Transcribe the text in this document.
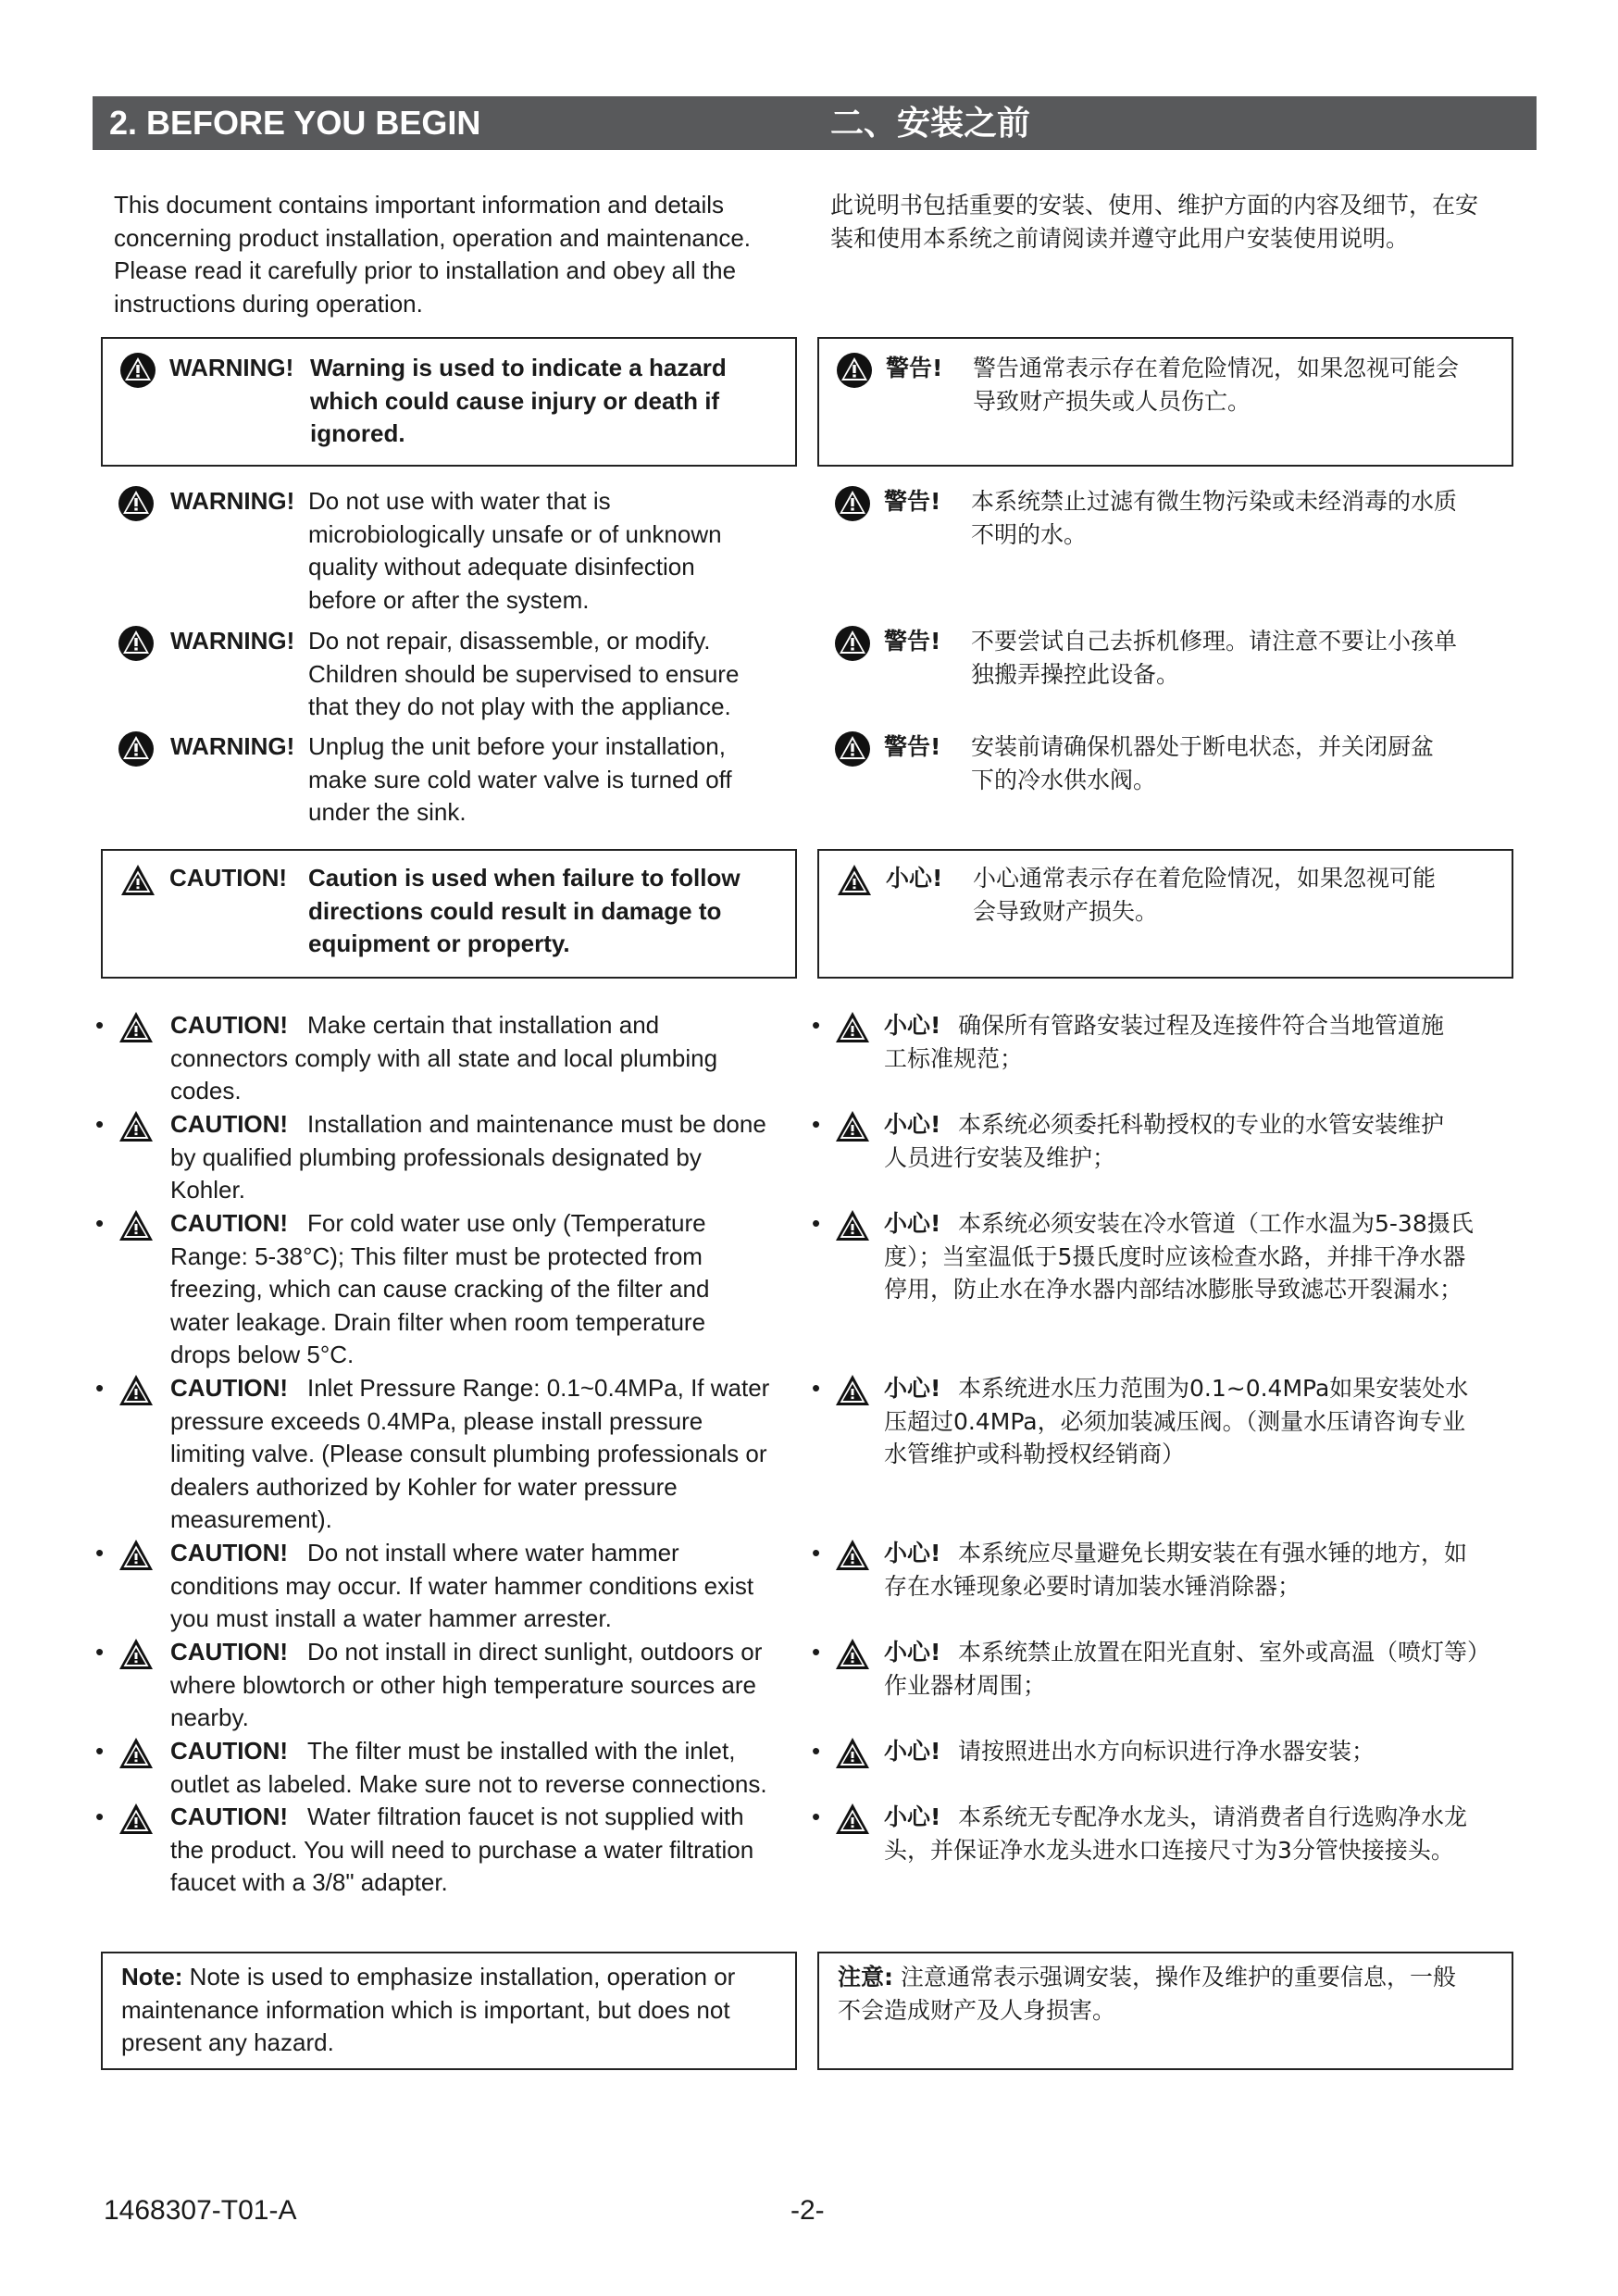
2. BEFORE YOU BEGIN	二、安装之前
This document contains important information and details
concerning product installation, operation and maintenance.
Please read it carefully prior to installation and obey all the
instructions during operation.
此说明书包括重要的安装、使用、维护方面的内容及细节，在安
装和使用本系统之前请阅读并遵守此用户安装使用说明。
WARNING! Warning is used to indicate a hazard
which could cause injury or death if
ignored.
警告! 警告通常表示存在着危险情况，如果忽视可能会
导致财产损失或人员伤亡。
WARNING! Do not use with water that is
microbiologically unsafe or of unknown
quality without adequate disinfection
before or after the system.
警告! 本系统禁止过滤有微生物污染或未经消毒的水质
不明的水。
WARNING! Do not repair, disassemble, or modify.
Children should be supervised to ensure
that they do not play with the appliance.
警告! 不要尝试自己去拆机修理。请注意不要让小孩单
独搬弄操控此设备。
WARNING! Unplug the unit before your installation,
make sure cold water valve is turned off
under the sink.
警告! 安装前请确保机器处于断电状态，并关闭厨盆
下的冷水供水阀。
CAUTION! Caution is used when failure to follow
directions could result in damage to
equipment or property.
小心! 小心通常表示存在着危险情况，如果忽视可能
会导致财产损失。
•	CAUTION! Make certain that installation and
connectors comply with all state and local plumbing
codes.
•	CAUTION! Installation and maintenance must be done
by qualified plumbing professionals designated by
Kohler.
•	CAUTION! For cold water use only (Temperature
Range: 5-38°C); This filter must be protected from
freezing, which can cause cracking of the filter and
water leakage. Drain filter when room temperature
drops below 5°C.
•	CAUTION! Inlet Pressure Range: 0.1~0.4MPa, If water
pressure exceeds 0.4MPa, please install pressure
limiting valve. (Please consult plumbing professionals or
dealers authorized by Kohler for water pressure
measurement).
•	CAUTION! Do not install where water hammer
conditions may occur. If water hammer conditions exist
you must install a water hammer arrester.
•	CAUTION! Do not install in direct sunlight, outdoors or
where blowtorch or other high temperature sources are
nearby.
•	CAUTION! The filter must be installed with the inlet,
outlet as labeled. Make sure not to reverse connections.
•	CAUTION! Water filtration faucet is not supplied with
the product. You will need to purchase a water filtration
faucet with a 3/8" adapter.
•	小心! 确保所有管路安装过程及连接件符合当地管道施
工标准规范；
•	小心! 本系统必须委托科勒授权的专业的水管安装维护
人员进行安装及维护；
•	小心! 本系统必须安装在冷水管道（工作水温为5-38摄氏
度）；当室温低于5摄氏度时应该检查水路，并排干净水器
停用，防止水在净水器内部结冰膨胀导致滤芯开裂漏水；
•	小心! 本系统进水压力范围为0.1~0.4MPa如果安装处水
压超过0.4MPa，必须加装减压阀。（测量水压请咨询专业
水管维护或科勒授权经销商）
•	小心! 本系统应尽量避免长期安装在有强水锤的地方，如
存在水锤现象必要时请加装水锤消除器；
•	小心! 本系统禁止放置在阳光直射、室外或高温（喷灯等）
作业器材周围；
•	小心! 请按照进出水方向标识进行净水器安装；
•	小心! 本系统无专配净水龙头，请消费者自行选购净水龙
头，并保证净水龙头进水口连接尺寸为3分管快接接头。
Note: Note is used to emphasize installation, operation or
maintenance information which is important, but does not
present any hazard.
注意: 注意通常表示强调安装，操作及维护的重要信息，一般
不会造成财产及人身损害。
1468307-T01-A	-2-
